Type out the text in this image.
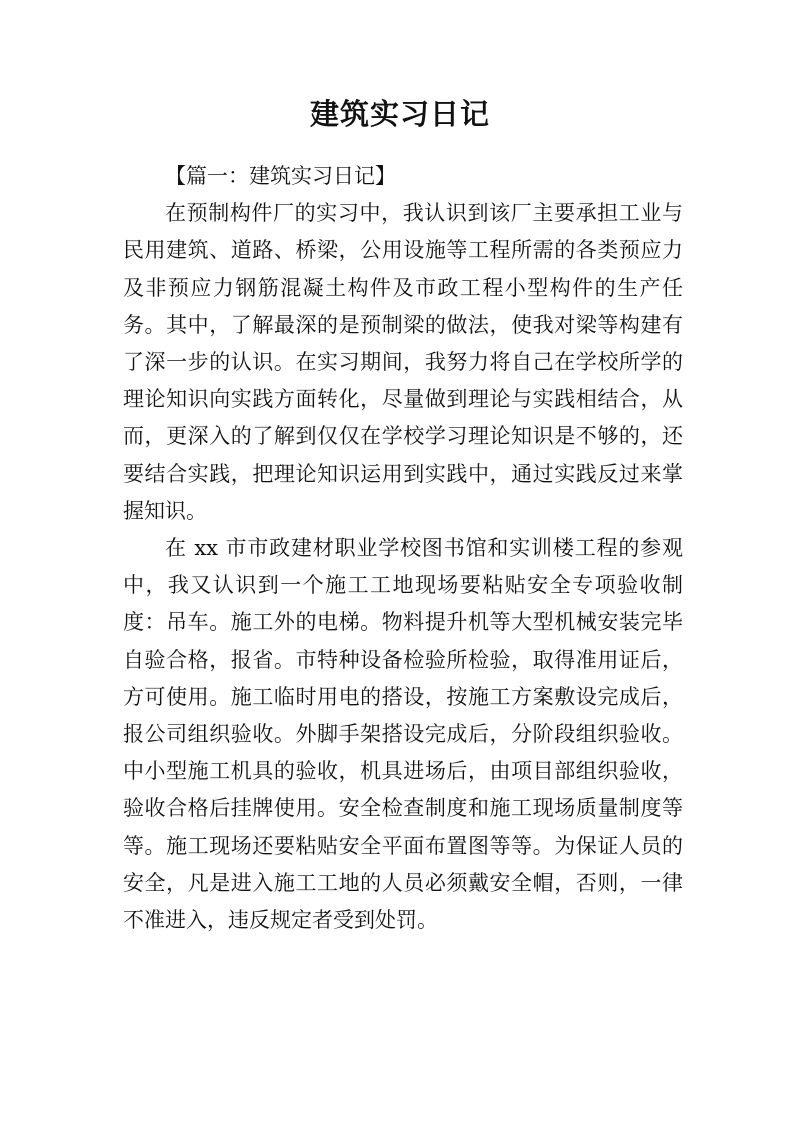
建筑实习日记

【篇一：建筑实习日记】

在预制构件厂的实习中，我认识到该厂主要承担工业与民用建筑、道路、桥梁，公用设施等工程所需的各类预应力及非预应力钢筋混凝土构件及市政工程小型构件的生产任务。其中，了解最深的是预制梁的做法，使我对梁等构建有了深一步的认识。在实习期间，我努力将自己在学校所学的理论知识向实践方面转化，尽量做到理论与实践相结合，从而，更深入的了解到仅仅在学校学习理论知识是不够的，还要结合实践，把理论知识运用到实践中，通过实践反过来掌握知识。

在 xx 市市政建材职业学校图书馆和实训楼工程的参观中，我又认识到一个施工工地现场要粘贴安全专项验收制度：吊车。施工外的电梯。物料提升机等大型机械安装完毕自验合格，报省。市特种设备检验所检验，取得准用证后，方可使用。施工临时用电的搭设，按施工方案敷设完成后，报公司组织验收。外脚手架搭设完成后，分阶段组织验收。中小型施工机具的验收，机具进场后，由项目部组织验收，验收合格后挂牌使用。安全检查制度和施工现场质量制度等等。施工现场还要粘贴安全平面布置图等等。为保证人员的安全，凡是进入施工工地的人员必须戴安全帽，否则，一律不准进入，违反规定者受到处罚。
